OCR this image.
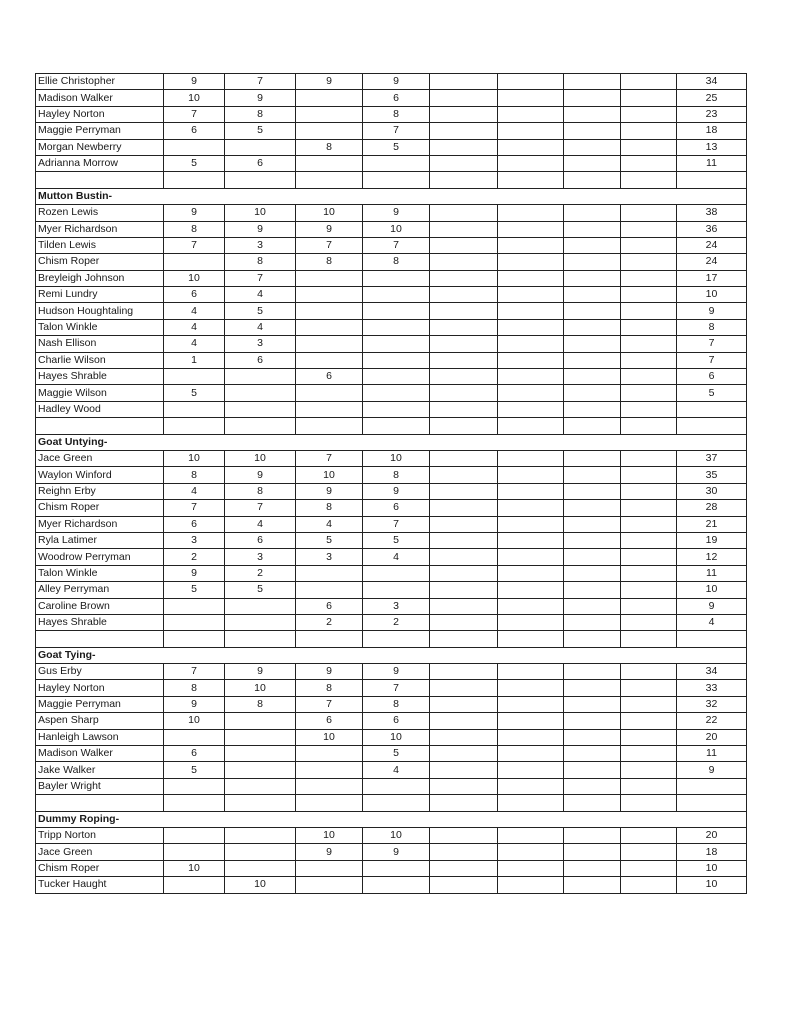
Ellie Christopher	9	7	9	9					34
Madison Walker	10	9		6					25
Hayley Norton	7	8		8					23
Maggie Perryman	6	5		7					18
Morgan Newberry			8	5					13
Adrianna Morrow	5	6							11

Mutton Bustin-									
Rozen Lewis	9	10	10	9					38
Myer Richardson	8	9	9	10					36
Tilden Lewis	7	3	7	7					24
Chism Roper		8	8	8					24
Breyleigh Johnson	10	7							17
Remi Lundry	6	4							10
Hudson Houghtaling	4	5							9
Talon Winkle	4	4							8
Nash Ellison	4	3							7
Charlie Wilson	1	6							7
Hayes Shrable			6						6
Maggie Wilson	5								5
Hadley Wood									

Goat Untying-									
Jace Green	10	10	7	10					37
Waylon Winford	8	9	10	8					35
Reighn Erby	4	8	9	9					30
Chism Roper	7	7	8	6					28
Myer Richardson	6	4	4	7					21
Ryla Latimer	3	6	5	5					19
Woodrow Perryman	2	3	3	4					12
Talon Winkle	9	2							11
Alley Perryman	5	5							10
Caroline Brown			6	3					9
Hayes Shrable			2	2					4

Goat Tying-									
Gus Erby	7	9	9	9					34
Hayley Norton	8	10	8	7					33
Maggie Perryman	9	8	7	8					32
Aspen Sharp	10		6	6					22
Hanleigh Lawson			10	10					20
Madison Walker	6			5					11
Jake Walker	5			4					9
Bayler Wright									

Dummy Roping-									
Tripp Norton			10	10					20
Jace Green			9	9					18
Chism Roper	10								10
Tucker Haught		10							10
